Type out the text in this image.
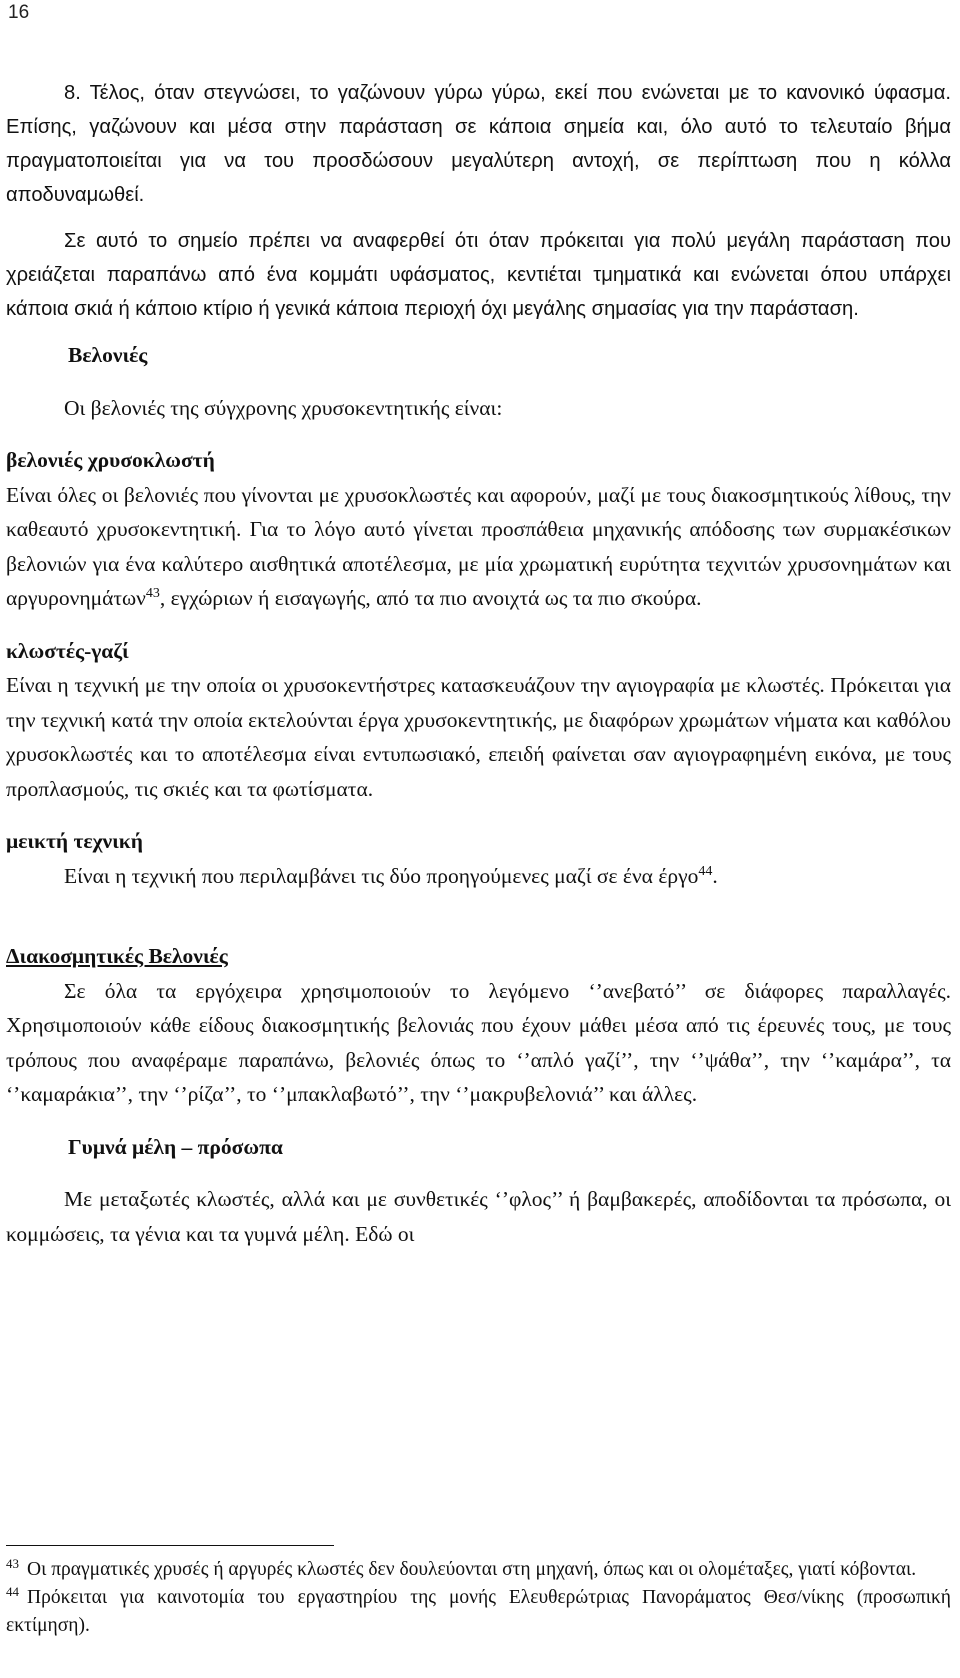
16

8. Τέλος, όταν στεγνώσει, το γαζώνουν γύρω γύρω, εκεί που ενώνεται με το κανονικό ύφασμα. Επίσης, γαζώνουν και μέσα στην παράσταση σε κάποια σημεία και, όλο αυτό το τελευταίο βήμα πραγματοποιείται για να του προσδώσουν μεγαλύτερη αντοχή, σε περίπτωση που η κόλλα αποδυναμωθεί.

Σε αυτό το σημείο πρέπει να αναφερθεί ότι όταν πρόκειται για πολύ μεγάλη παράσταση που χρειάζεται παραπάνω από ένα κομμάτι υφάσματος, κεντιέται τμηματικά και ενώνεται όπου υπάρχει κάποια σκιά ή κάποιο κτίριο ή γενικά κάποια περιοχή όχι μεγάλης σημασίας για την παράσταση.

Βελονιές

Οι βελονιές της σύγχρονης χρυσοκεντητικής είναι:

βελονιές χρυσοκλωστή

Είναι όλες οι βελονιές που γίνονται με χρυσοκλωστές και αφορούν, μαζί με τους διακοσμητικούς λίθους, την καθεαυτό χρυσοκεντητική. Για το λόγο αυτό γίνεται προσπάθεια μηχανικής απόδοσης των συρμακέσικων βελονιών για ένα καλύτερο αισθητικά αποτέλεσμα, με μία χρωματική ευρύτητα τεχνιτών χρυσονημάτων και αργυρονημάτων$^{43}$, εγχώριων ή εισαγωγής, από τα πιο ανοιχτά ως τα πιο σκούρα.

κλωστές-γαζί

Είναι η τεχνική με την οποία οι χρυσοκεντήστρες κατασκευάζουν την αγιογραφία με κλωστές. Πρόκειται για την τεχνική κατά την οποία εκτελούνται έργα χρυσοκεντητικής, με διαφόρων χρωμάτων νήματα και καθόλου χρυσοκλωστές και το αποτέλεσμα είναι εντυπωσιακό, επειδή φαίνεται σαν αγιογραφημένη εικόνα, με τους προπλασμούς, τις σκιές και τα φωτίσματα.

μεικτή τεχνική

Είναι η τεχνική που περιλαμβάνει τις δύο προηγούμενες μαζί σε ένα έργο$^{44}$.

Διακοσμητικές Βελονιές

Σε όλα τα εργόχειρα χρησιμοποιούν το λεγόμενο ‘’ανεβατό’’ σε διάφορες παραλλαγές. Χρησιμοποιούν κάθε είδους διακοσμητικής βελονιάς που έχουν μάθει μέσα από τις έρευνές τους, με τους τρόπους που αναφέραμε παραπάνω, βελονιές όπως το ‘’απλό γαζί’’, την ‘’ψάθα’’, την ‘’καμάρα’’, τα ‘’καμαράκια’’, την ‘’ρίζα’’, το ‘’μπακλαβωτό’’, την ‘’μακρυβελονιά’’ και άλλες.

Γυμνά μέλη – πρόσωπα

Με μεταξωτές κλωστές, αλλά και με συνθετικές ‘’φλος’’ ή βαμβακερές, αποδίδονται τα πρόσωπα, οι κομμώσεις, τα γένια και τα γυμνά μέλη. Εδώ οι

$^{43}$ Οι πραγματικές χρυσές ή αργυρές κλωστές δεν δουλεύονται στη μηχανή, όπως και οι ολομέταξες, γιατί κόβονται.

$^{44}$ Πρόκειται για καινοτομία του εργαστηρίου της μονής Ελευθερώτριας Πανοράματος Θεσ/νίκης (προσωπική εκτίμηση).
